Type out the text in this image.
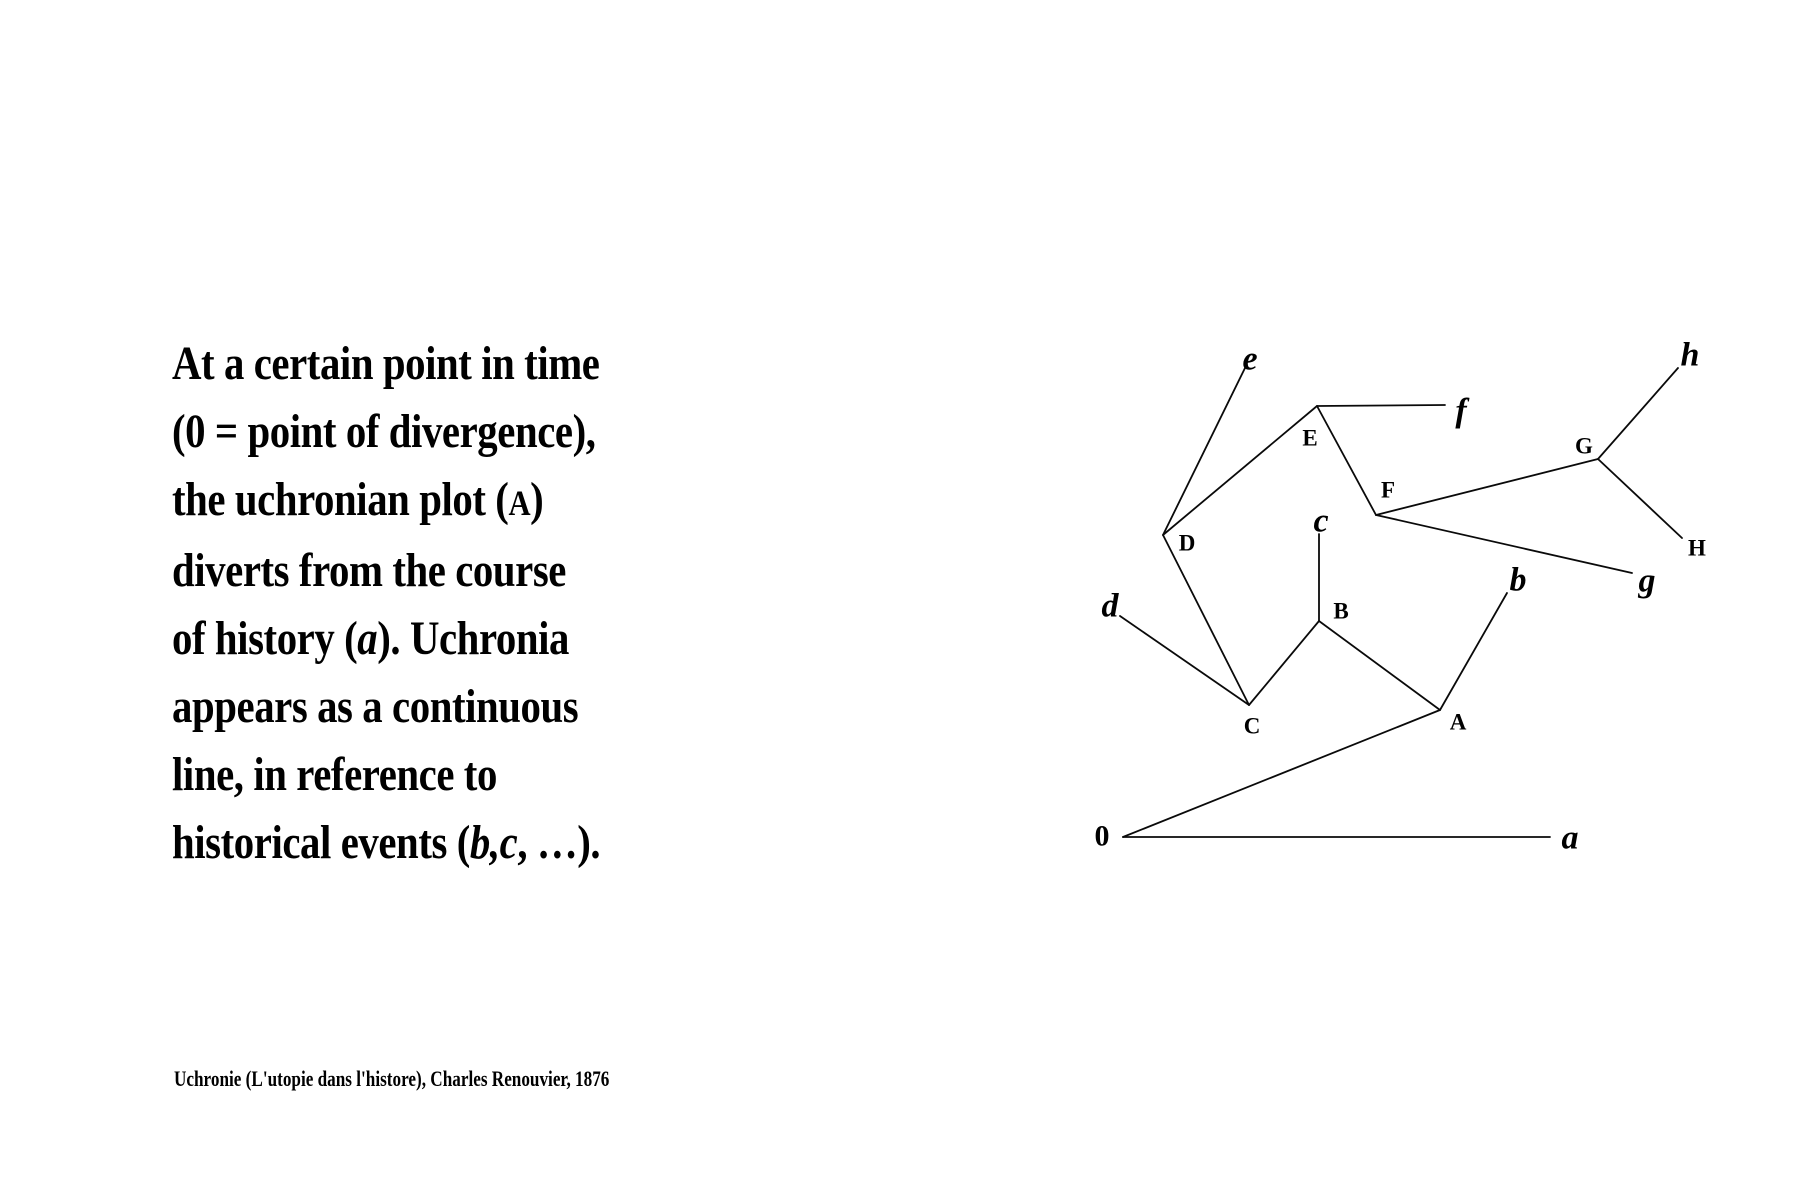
At a certain point in time
(0 = point of divergence),
the uchronian plot (A)
diverts from the course
of history (a). Uchronia
appears as a continuous
line, in reference to
historical events (b,c, …).
Uchronie (L'utopie dans l'histore), Charles Renouvier, 1876
0	a
b
c
d
e
f
g
h
A
B
C
D
E
F
G
H
